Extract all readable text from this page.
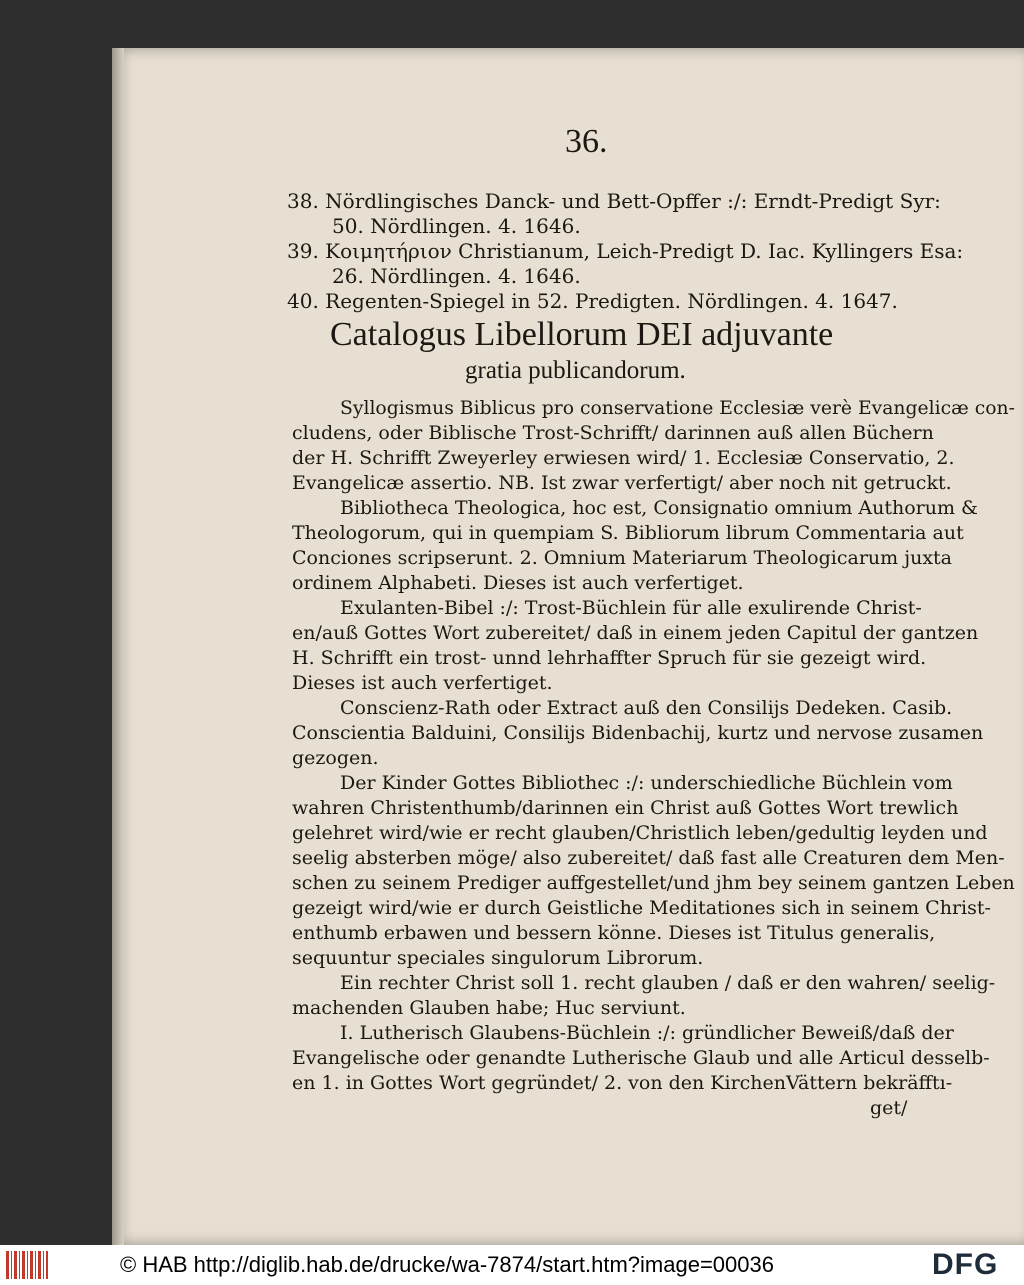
36.
38. Nördlingisches Danck- und Bett-Opffer :/: Erndt-Predigt Syr:
50. Nördlingen. 4. 1646.
39. Κοιμητήριον Christianum, Leich-Predigt D. Iac. Kyllingers Esa:
26. Nördlingen. 4. 1646.
40. Regenten-Spiegel in 52. Predigten. Nördlingen. 4. 1647.
Catalogus Libellorum DEI adjuvante
gratia publicandorum.
Syllogismus Biblicus pro conservatione Ecclesiæ verè Evangelicæ con-
cludens, oder Biblische Trost-Schrifft/ darinnen auß allen Büchern
der H. Schrifft Zweyerley erwiesen wird/ 1. Ecclesiæ Conservatio, 2.
Evangelicæ assertio. NB. Ist zwar verfertigt/ aber noch nit getruckt.
Bibliotheca Theologica, hoc est, Consignatio omnium Authorum &
Theologorum, qui in quempiam S. Bibliorum librum Commentaria aut
Conciones scripserunt. 2. Omnium Materiarum Theologicarum juxta
ordinem Alphabeti. Dieses ist auch verfertiget.
Exulanten-Bibel :/: Trost-Büchlein für alle exulirende Christ-
en/auß Gottes Wort zubereitet/ daß in einem jeden Capitul der gantzen
H. Schrifft ein trost- unnd lehrhaffter Spruch für sie gezeigt wird.
Dieses ist auch verfertiget.
Conscienz-Rath oder Extract auß den Consilijs Dedeken. Casib.
Conscientia Balduini, Consilijs Bidenbachij, kurtz und nervose zusamen
gezogen.
Der Kinder Gottes Bibliothec :/: underschiedliche Büchlein vom
wahren Christenthumb/darinnen ein Christ auß Gottes Wort trewlich
gelehret wird/wie er recht glauben/Christlich leben/gedultig leyden und
seelig absterben möge/ also zubereitet/ daß fast alle Creaturen dem Men-
schen zu seinem Prediger auffgestellet/und jhm bey seinem gantzen Leben
gezeigt wird/wie er durch Geistliche Meditationes sich in seinem Christ-
enthumb erbawen und bessern könne. Dieses ist Titulus generalis,
sequuntur speciales singulorum Librorum.
Ein rechter Christ soll 1. recht glauben / daß er den wahren/ seelig-
machenden Glauben habe; Huc serviunt.
I. Lutherisch Glaubens-Büchlein :/: gründlicher Beweiß/daß der
Evangelische oder genandte Lutherische Glaub und alle Articul desselb-
en 1. in Gottes Wort gegründet/ 2. von den KirchenVättern bekräfftı-
get/
© HAB http://diglib.hab.de/drucke/wa-7874/start.htm?image=00036	DFG
